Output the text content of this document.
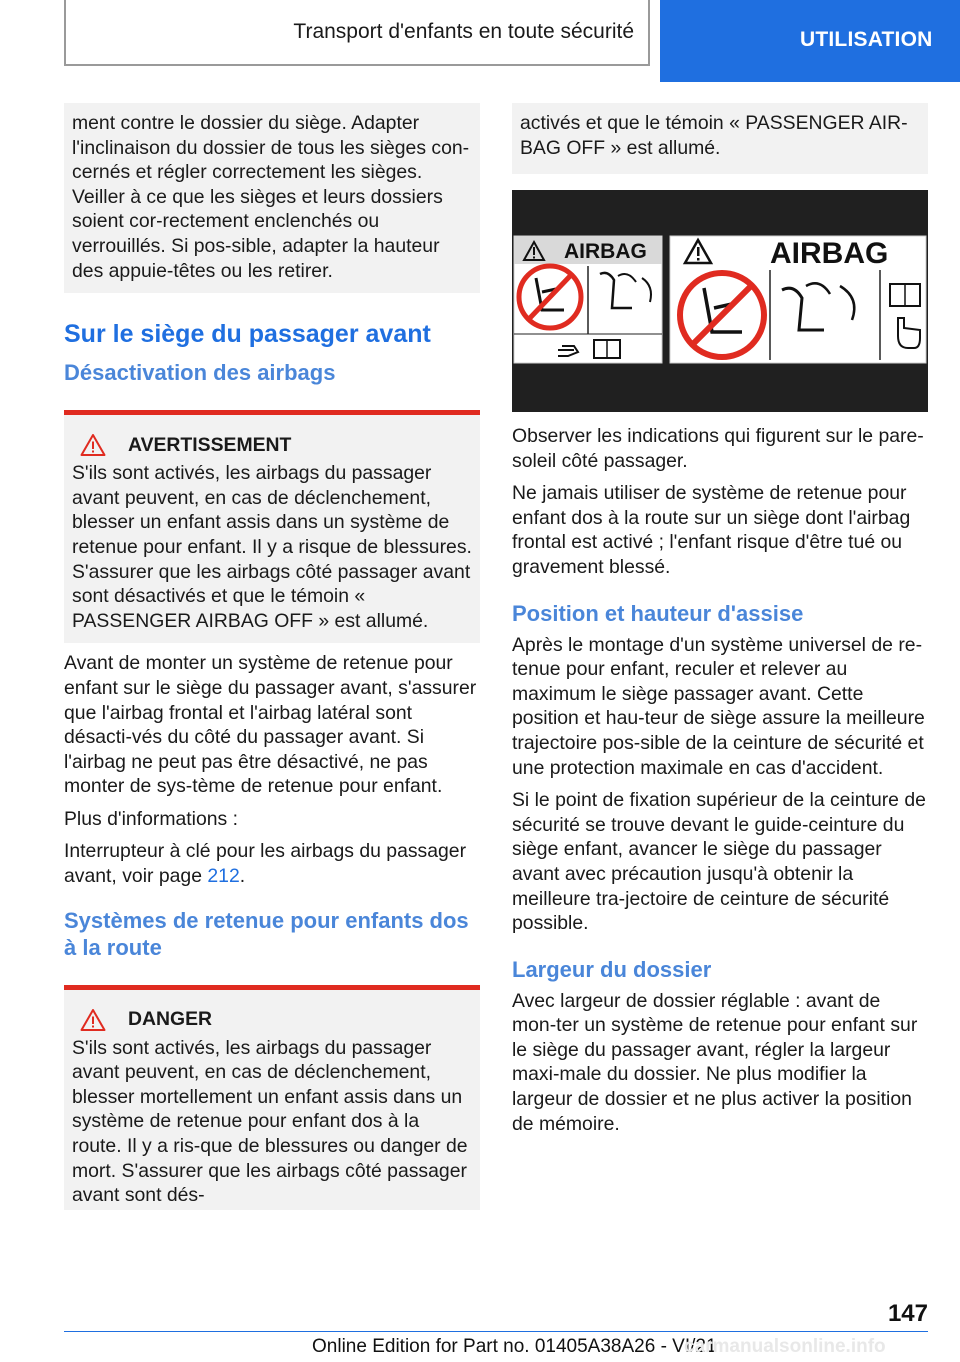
Transport d'enfants en toute sécurité	UTILISATION

ment contre le dossier du siège. Adapter l'inclinaison du dossier de tous les sièges con-cernés et régler correctement les sièges. Veiller à ce que les sièges et leurs dossiers soient cor-rectement enclenchés ou verrouillés. Si pos-sible, adapter la hauteur des appuie-têtes ou les retirer.

Sur le siège du passager avant
Désactivation des airbags
AVERTISSEMENT

S'ils sont activés, les airbags du passager avant peuvent, en cas de déclenchement, blesser un enfant assis dans un système de retenue pour enfant. Il y a risque de blessures. S'assurer que les airbags côté passager avant sont désactivés et que le témoin « PASSENGER AIRBAG OFF » est allumé.

Avant de monter un système de retenue pour enfant sur le siège du passager avant, s'assurer que l'airbag frontal et l'airbag latéral sont désacti-vés du côté du passager avant. Si l'airbag ne peut pas être désactivé, ne pas monter de sys-tème de retenue pour enfant.

Plus d'informations :

Interrupteur à clé pour les airbags du passager avant, voir page 212.

Systèmes de retenue pour enfants dos à la route
DANGER

S'ils sont activés, les airbags du passager avant peuvent, en cas de déclenchement, blesser mortellement un enfant assis dans un système de retenue pour enfant dos à la route. Il y a ris-que de blessures ou danger de mort. S'assurer que les airbags côté passager avant sont dés-

activés et que le témoin « PASSENGER AIR-BAG OFF » est allumé.

AIRBAG	AIRBAG

Observer les indications qui figurent sur le pare-soleil côté passager.

Ne jamais utiliser de système de retenue pour enfant dos à la route sur un siège dont l'airbag frontal est activé ; l'enfant risque d'être tué ou gravement blessé.

Position et hauteur d'assise

Après le montage d'un système universel de re-tenue pour enfant, reculer et relever au maximum le siège passager avant. Cette position et hau-teur de siège assure la meilleure trajectoire pos-sible de la ceinture de sécurité et une protection maximale en cas d'accident.

Si le point de fixation supérieur de la ceinture de sécurité se trouve devant le guide-ceinture du siège enfant, avancer le siège du passager avant avec précaution jusqu'à obtenir la meilleure tra-jectoire de ceinture de sécurité possible.

Largeur du dossier

Avec largeur de dossier réglable : avant de mon-ter un système de retenue pour enfant sur le siège du passager avant, régler la largeur maxi-male du dossier. Ne plus modifier la largeur de dossier et ne plus activer la position de mémoire.

147
Online Edition for Part no. 01405A38A26 - VI/21
carmanualsonline.info
